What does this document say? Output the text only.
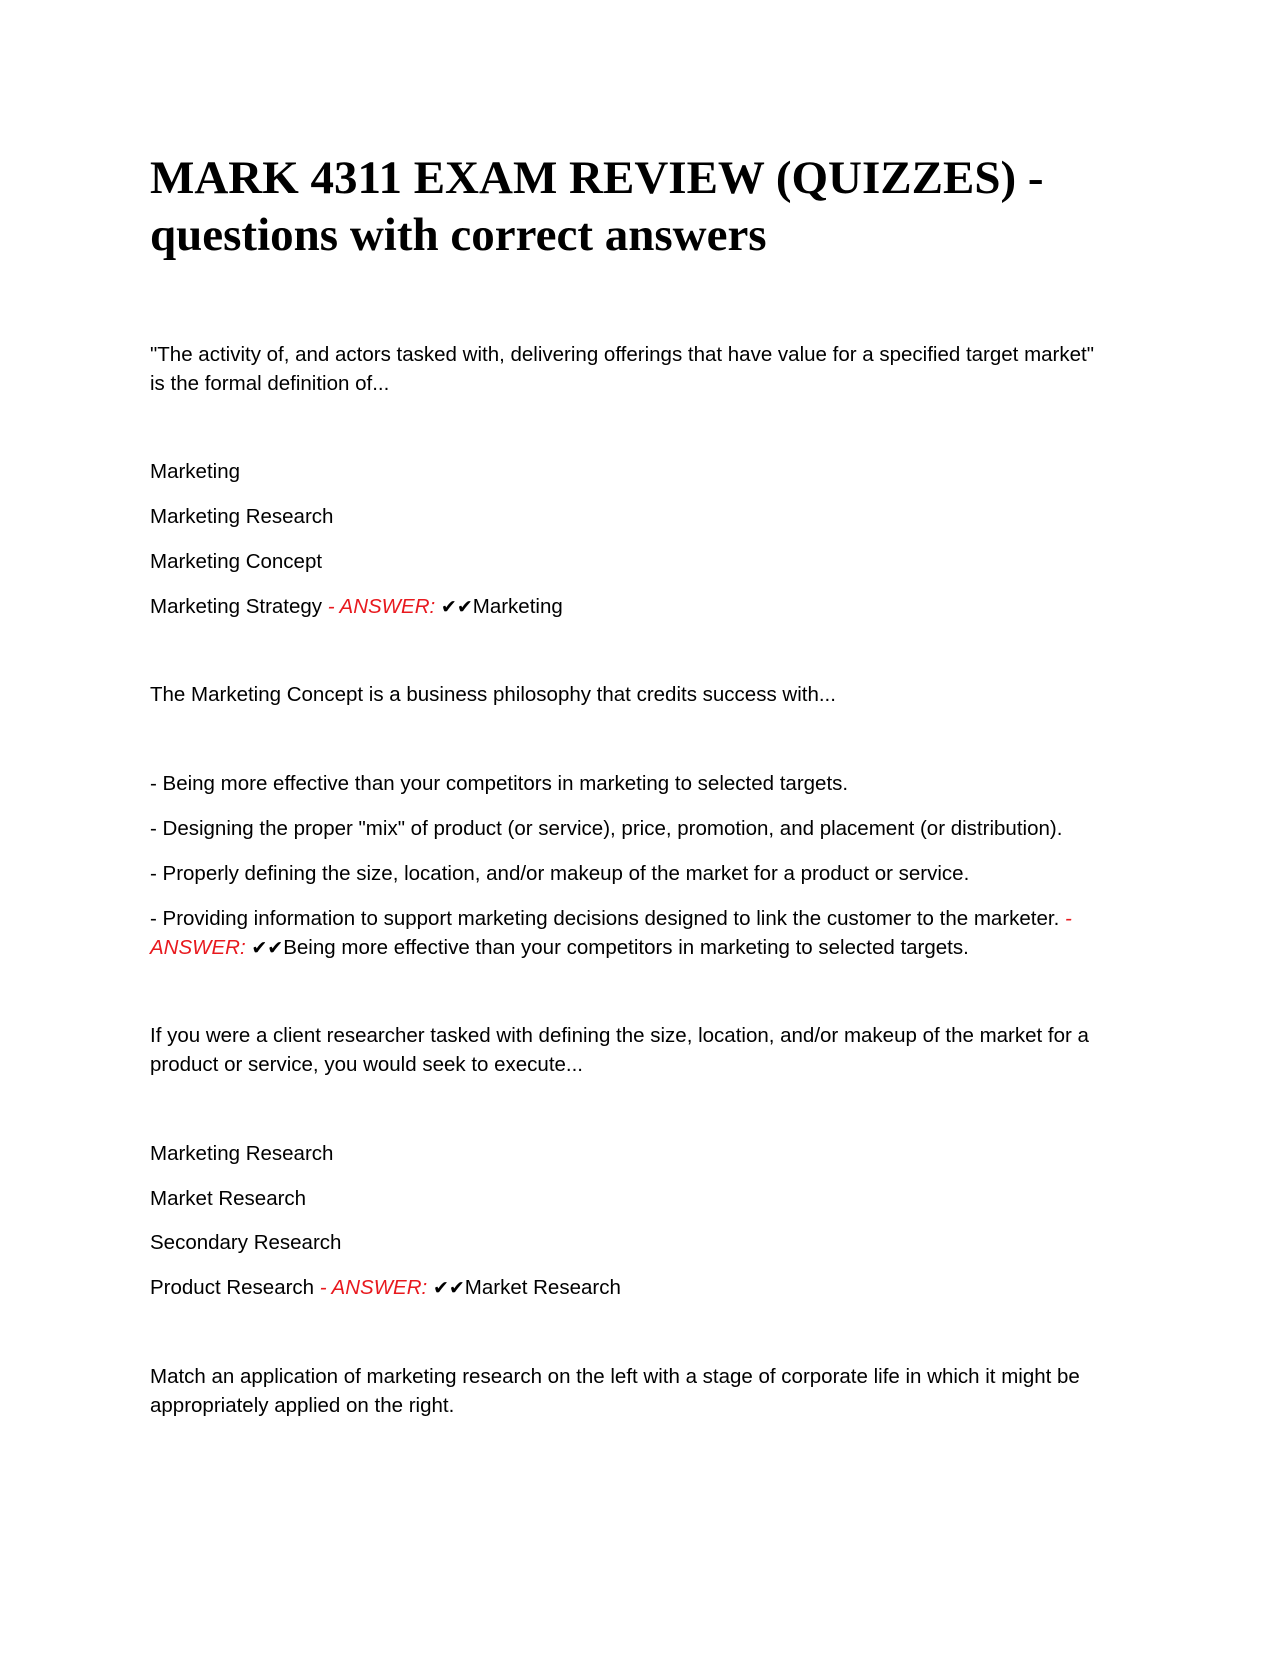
MARK 4311 EXAM REVIEW (QUIZZES) - questions with correct answers
"The activity of, and actors tasked with, delivering offerings that have value for a specified target market"
is the formal definition of...
Marketing
Marketing Research
Marketing Concept
Marketing Strategy - ANSWER: ✔✔Marketing
The Marketing Concept is a business philosophy that credits success with...
- Being more effective than your competitors in marketing to selected targets.
- Designing the proper "mix" of product (or service), price, promotion, and placement (or distribution).
- Properly defining the size, location, and/or makeup of the market for a product or service.
- Providing information to support marketing decisions designed to link the customer to the marketer. -
ANSWER: ✔✔Being more effective than your competitors in marketing to selected targets.
If you were a client researcher tasked with defining the size, location, and/or makeup of the market for a
product or service, you would seek to execute...
Marketing Research
Market Research
Secondary Research
Product Research - ANSWER: ✔✔Market Research
Match an application of marketing research on the left with a stage of corporate life in which it might be
appropriately applied on the right.
